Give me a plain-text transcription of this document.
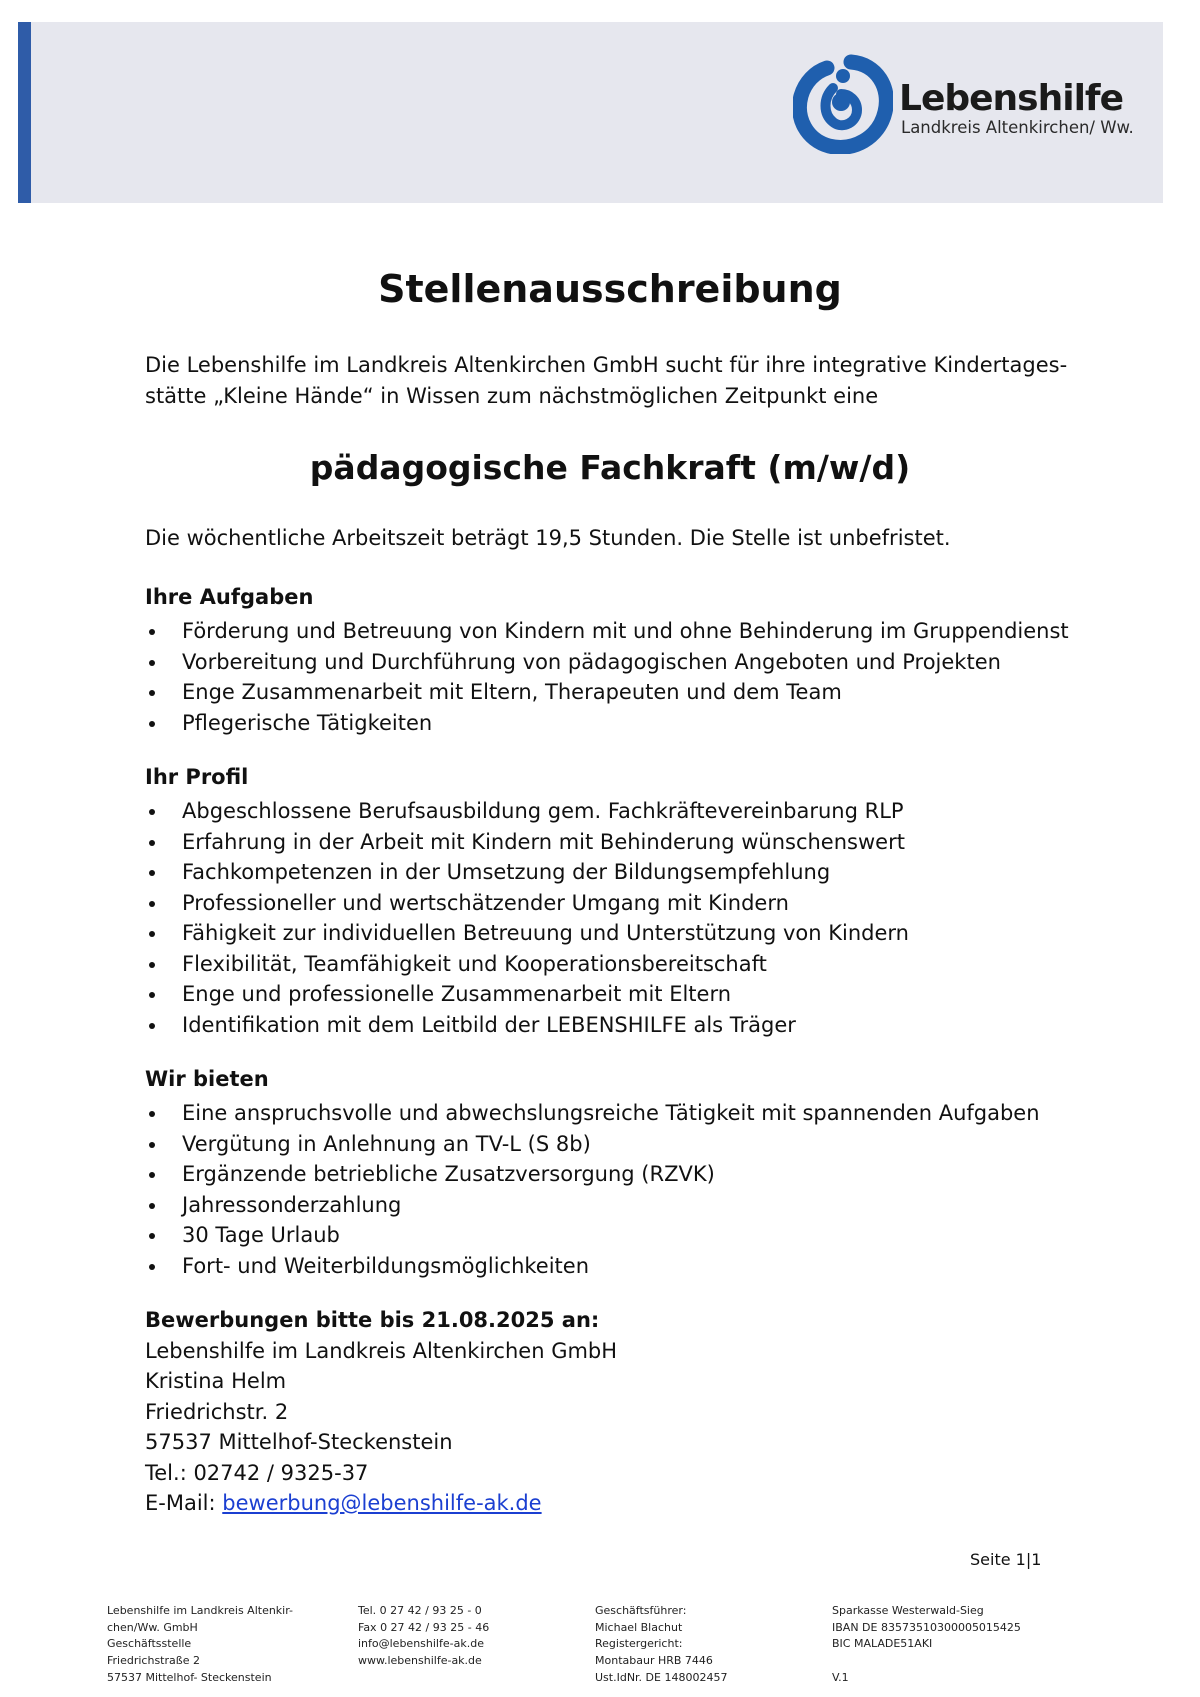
Lebenshilfe
Landkreis Altenkirchen/ Ww.
Stellenausschreibung
Die Lebenshilfe im Landkreis Altenkirchen GmbH sucht für ihre integrative Kindertages-
stätte „Kleine Hände“ in Wissen zum nächstmöglichen Zeitpunkt eine
pädagogische Fachkraft (m/w/d)

Die wöchentliche Arbeitszeit beträgt 19,5 Stunden. Die Stelle ist unbefristet.

Ihre Aufgaben
Förderung und Betreuung von Kindern mit und ohne Behinderung im Gruppendienst
Vorbereitung und Durchführung von pädagogischen Angeboten und Projekten
Enge Zusammenarbeit mit Eltern, Therapeuten und dem Team
Pflegerische Tätigkeiten
Ihr Profil
Abgeschlossene Berufsausbildung gem. Fachkräftevereinbarung RLP
Erfahrung in der Arbeit mit Kindern mit Behinderung wünschenswert
Fachkompetenzen in der Umsetzung der Bildungsempfehlung
Professioneller und wertschätzender Umgang mit Kindern
Fähigkeit zur individuellen Betreuung und Unterstützung von Kindern
Flexibilität, Teamfähigkeit und Kooperationsbereitschaft
Enge und professionelle Zusammenarbeit mit Eltern
Identifikation mit dem Leitbild der LEBENSHILFE als Träger
Wir bieten
Eine anspruchsvolle und abwechslungsreiche Tätigkeit mit spannenden Aufgaben
Vergütung in Anlehnung an TV-L (S 8b)
Ergänzende betriebliche Zusatzversorgung (RZVK)
Jahressonderzahlung
30 Tage Urlaub
Fort- und Weiterbildungsmöglichkeiten
Bewerbungen bitte bis 21.08.2025 an:
Lebenshilfe im Landkreis Altenkirchen GmbH
Kristina Helm
Friedrichstr. 2
57537 Mittelhof-Steckenstein
Tel.: 02742 / 9325-37
E-Mail: bewerbung@lebenshilfe-ak.de
Seite 1|1
Lebenshilfe im Landkreis Altenkir-
chen/Ww. GmbH
Geschäftsstelle
Friedrichstraße 2
57537 Mittelhof- Steckenstein
Tel. 0 27 42 / 93 25 - 0
Fax 0 27 42 / 93 25 - 46
info@lebenshilfe-ak.de
www.lebenshilfe-ak.de
Geschäftsführer:
Michael Blachut
Registergericht:
Montabaur HRB 7446
Ust.IdNr. DE 148002457
Sparkasse Westerwald-Sieg
IBAN DE 83573510300005015425
BIC MALADE51AKI

V.1
